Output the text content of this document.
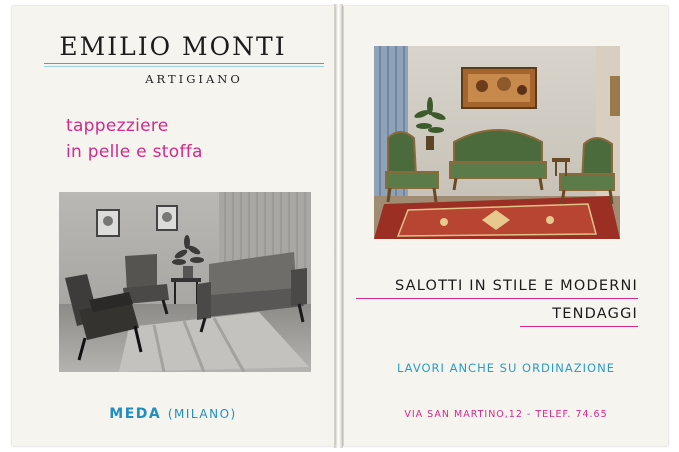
EMILIO MONTI
ARTIGIANO
tappezziere
in pelle e stoffa
MEDA (MILANO)
SALOTTI IN STILE E MODERNI
TENDAGGI
LAVORI ANCHE SU ORDINAZIONE
VIA SAN MARTINO,12 - TELEF. 74.65
